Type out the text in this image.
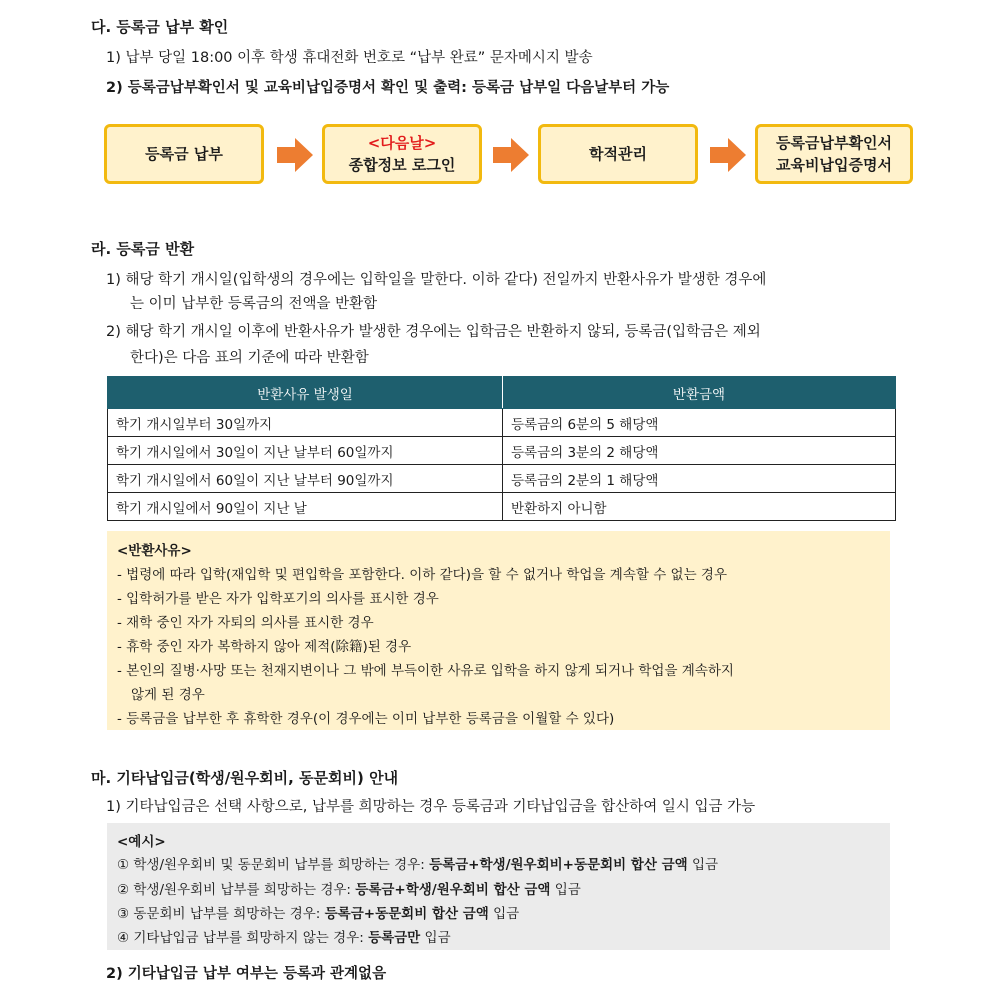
다. 등록금 납부 확인
1) 납부 당일 18:00 이후 학생 휴대전화 번호로 “납부 완료” 문자메시지 발송
2) 등록금납부확인서 및 교육비납입증명서 확인 및 출력: 등록금 납부일 다음날부터 가능
등록금 납부
<다음날>
종합정보 로그인
학적관리
등록금납부확인서
교육비납입증명서
라. 등록금 반환
1) 해당 학기 개시일(입학생의 경우에는 입학일을 말한다. 이하 같다) 전일까지 반환사유가 발생한 경우에
는 이미 납부한 등록금의 전액을 반환함
2) 해당 학기 개시일 이후에 반환사유가 발생한 경우에는 입학금은 반환하지 않되, 등록금(입학금은 제외
한다)은 다음 표의 기준에 따라 반환함
반환사유 발생일	반환금액
학기 개시일부터 30일까지	등록금의 6분의 5 해당액
학기 개시일에서 30일이 지난 날부터 60일까지	등록금의 3분의 2 해당액
학기 개시일에서 60일이 지난 날부터 90일까지	등록금의 2분의 1 해당액
학기 개시일에서 90일이 지난 날	반환하지 아니함
<반환사유>
- 법령에 따라 입학(재입학 및 편입학을 포함한다. 이하 같다)을 할 수 없거나 학업을 계속할 수 없는 경우
- 입학허가를 받은 자가 입학포기의 의사를 표시한 경우
- 재학 중인 자가 자퇴의 의사를 표시한 경우
- 휴학 중인 자가 복학하지 않아 제적(除籍)된 경우
- 본인의 질병·사망 또는 천재지변이나 그 밖에 부득이한 사유로 입학을 하지 않게 되거나 학업을 계속하지
않게 된 경우
- 등록금을 납부한 후 휴학한 경우(이 경우에는 이미 납부한 등록금을 이월할 수 있다)
마. 기타납입금(학생/원우회비, 동문회비) 안내
1) 기타납입금은 선택 사항으로, 납부를 희망하는 경우 등록금과 기타납입금을 합산하여 일시 입금 가능
<예시>
① 학생/원우회비 및 동문회비 납부를 희망하는 경우: 등록금+학생/원우회비+동문회비 합산 금액 입금
② 학생/원우회비 납부를 희망하는 경우: 등록금+학생/원우회비 합산 금액 입금
③ 동문회비 납부를 희망하는 경우: 등록금+동문회비 합산 금액 입금
④ 기타납입금 납부를 희망하지 않는 경우: 등록금만 입금
2) 기타납입금 납부 여부는 등록과 관계없음
